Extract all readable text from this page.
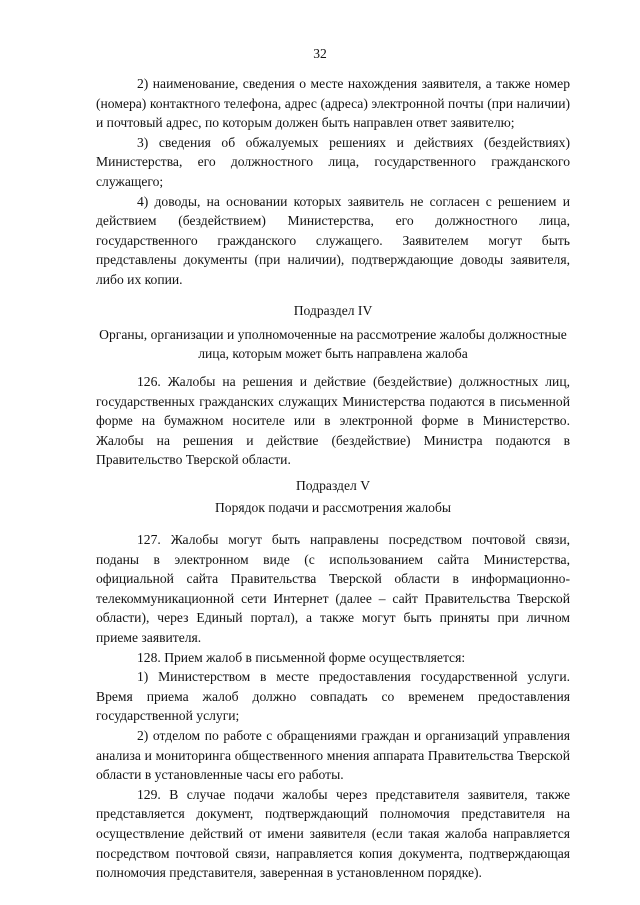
32

2) наименование, сведения о месте нахождения заявителя, а также номер (номера) контактного телефона, адрес (адреса) электронной почты (при наличии) и почтовый адрес, по которым должен быть направлен ответ заявителю;

3) сведения об обжалуемых решениях и действиях (бездействиях) Министерства, его должностного лица, государственного гражданского служащего;

4) доводы, на основании которых заявитель не согласен с решением и действием (бездействием) Министерства, его должностного лица, государственного гражданского служащего. Заявителем могут быть представлены документы (при наличии), подтверждающие доводы заявителя, либо их копии.

Подраздел IV

Органы, организации и уполномоченные на рассмотрение жалобы должностные лица, которым может быть направлена жалоба

126. Жалобы на решения и действие (бездействие) должностных лиц, государственных гражданских служащих Министерства подаются в письменной форме на бумажном носителе или в электронной форме в Министерство. Жалобы на решения и действие (бездействие) Министра подаются в Правительство Тверской области.

Подраздел V

Порядок подачи и рассмотрения жалобы

127. Жалобы могут быть направлены посредством почтовой связи, поданы в электронном виде (с использованием сайта Министерства, официальной сайта Правительства Тверской области в информационно-телекоммуникационной сети Интернет (далее – сайт Правительства Тверской области), через Единый портал), а также могут быть приняты при личном приеме заявителя.

128. Прием жалоб в письменной форме осуществляется:

1) Министерством в месте предоставления государственной услуги. Время приема жалоб должно совпадать со временем предоставления государственной услуги;

2) отделом по работе с обращениями граждан и организаций управления анализа и мониторинга общественного мнения аппарата Правительства Тверской области в установленные часы его работы.

129. В случае подачи жалобы через представителя заявителя, также представляется документ, подтверждающий полномочия представителя на осуществление действий от имени заявителя (если такая жалоба направляется посредством почтовой связи, направляется копия документа, подтверждающая полномочия представителя, заверенная в установленном порядке).
